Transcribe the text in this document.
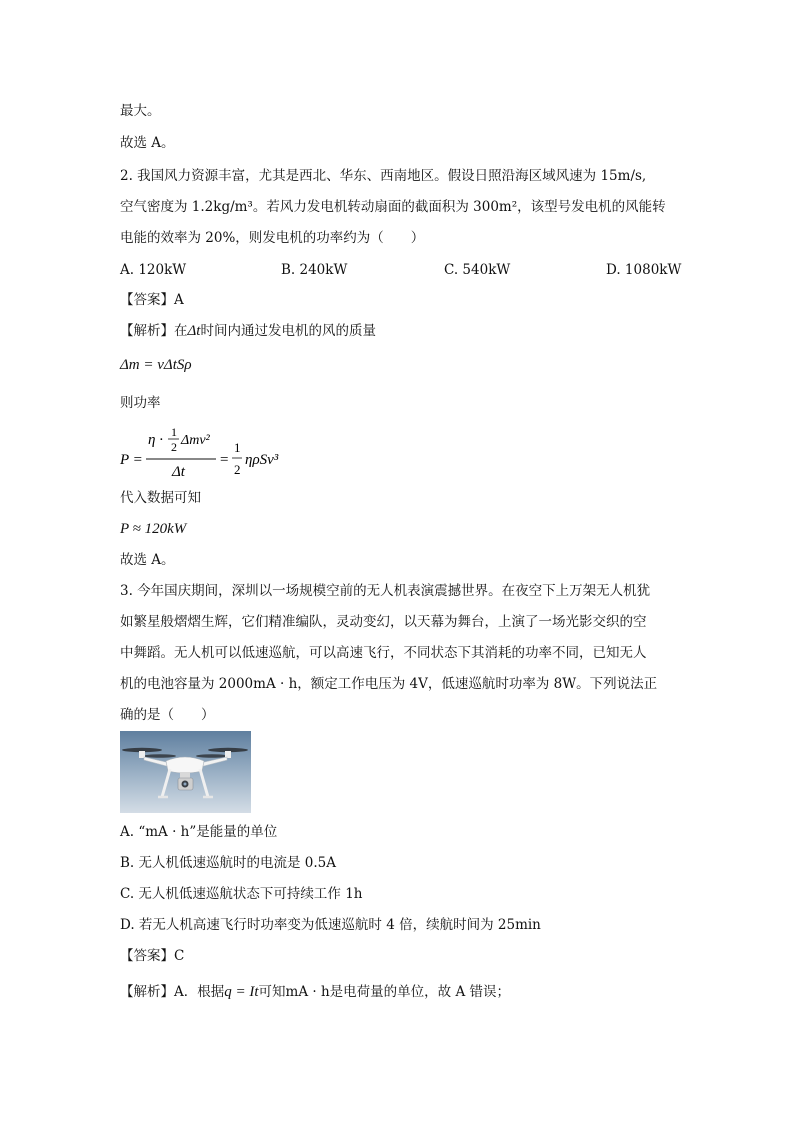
最大。
故选 A。
2. 我国风力资源丰富，尤其是西北、华东、西南地区。假设日照沿海区域风速为 15m/s,
空气密度为 1.2kg/m³。若风力发电机转动扇面的截面积为 300m²，该型号发电机的风能转
电能的效率为 20%，则发电机的功率约为（　　）
A. 120kW	B. 240kW	C. 540kW	D. 1080kW
【答案】A
【解析】在Δt时间内通过发电机的风的质量
Δm = vΔtSρ
则功率
P =
η · 1
2 Δmv²
Δt
=
1
2
ηρSv³
代入数据可知
P ≈ 120kW
故选 A。
3. 今年国庆期间，深圳以一场规模空前的无人机表演震撼世界。在夜空下上万架无人机犹
如繁星般熠熠生辉，它们精准编队，灵动变幻，以天幕为舞台，上演了一场光影交织的空
中舞蹈。无人机可以低速巡航，可以高速飞行，不同状态下其消耗的功率不同，已知无人
机的电池容量为 2000mA · h，额定工作电压为 4V，低速巡航时功率为 8W。下列说法正
确的是（　　）
A. “mA · h”是能量的单位
B. 无人机低速巡航时的电流是 0.5A
C. 无人机低速巡航状态下可持续工作 1h
D. 若无人机高速飞行时功率变为低速巡航时 4 倍，续航时间为 25min
【答案】C
【解析】A．根据q = It可知mA · h是电荷量的单位，故 A 错误；
